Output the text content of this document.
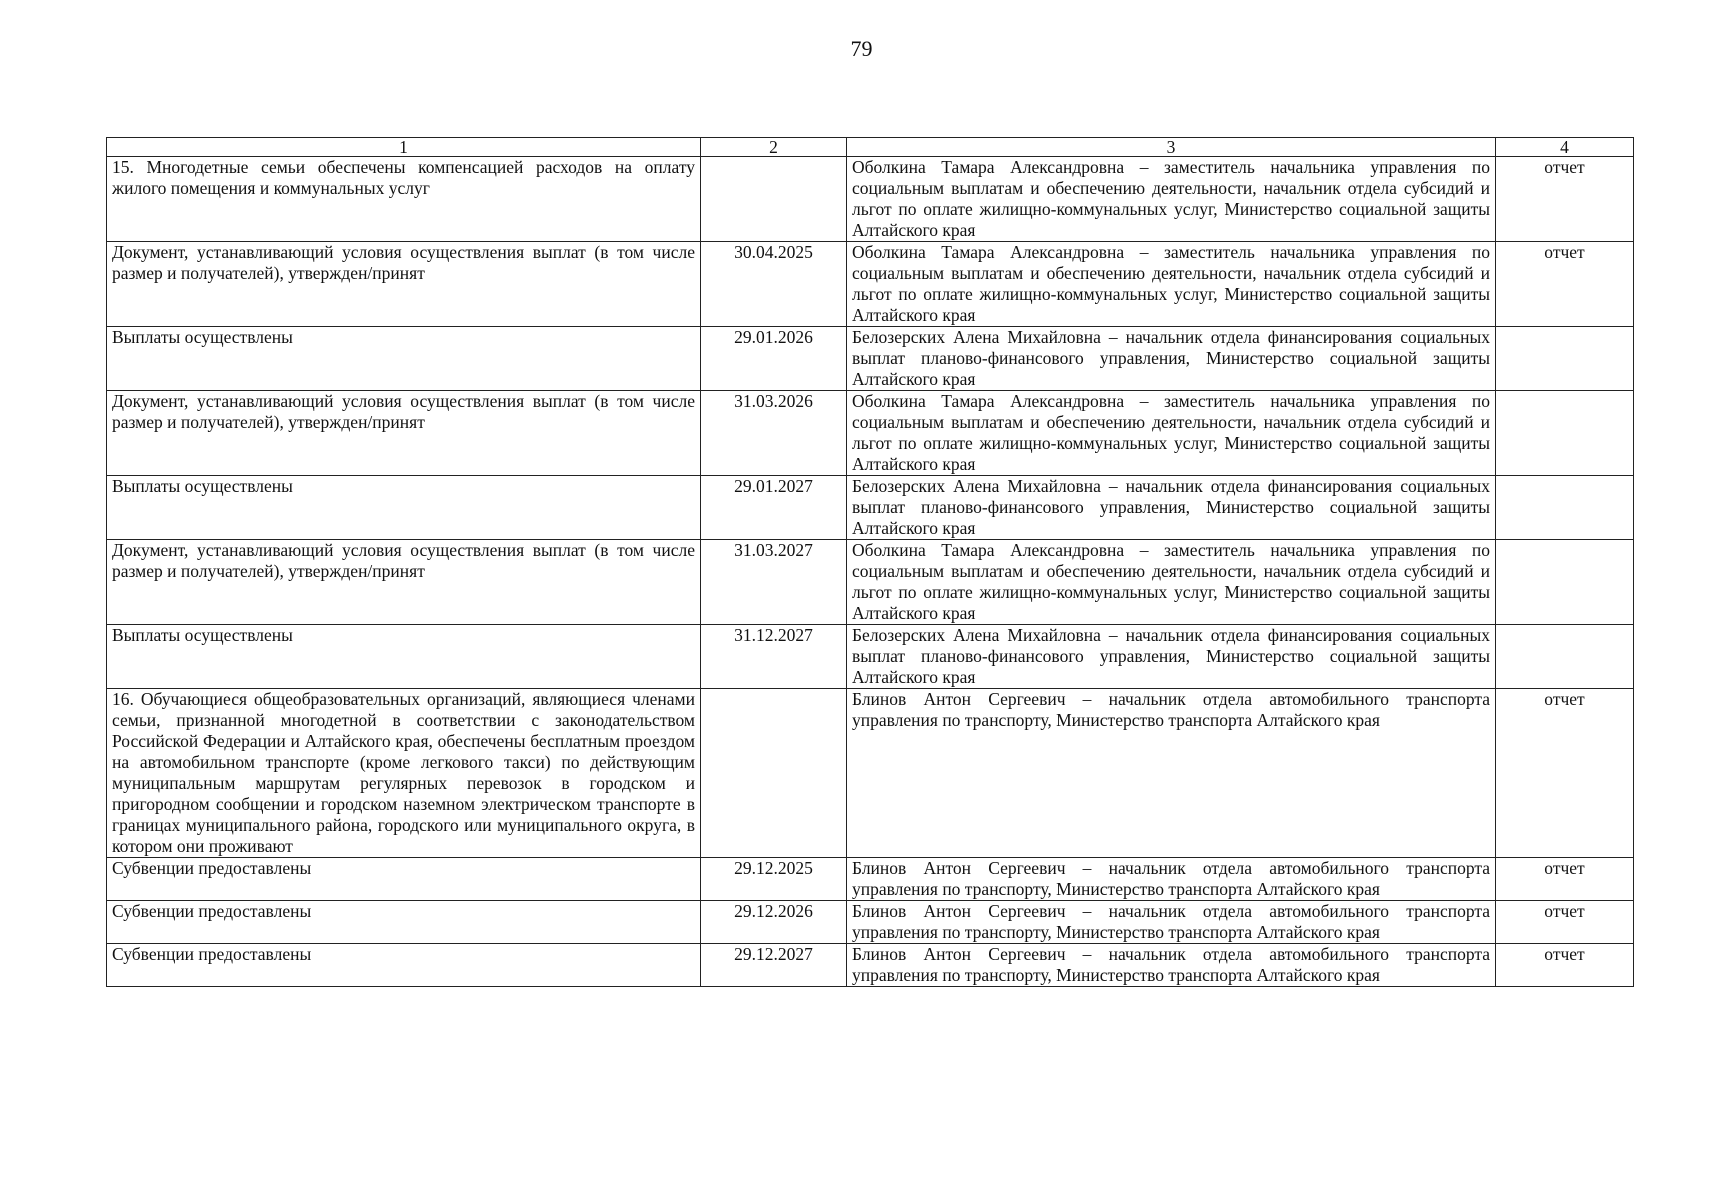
79
1	2	3	4
15. Многодетные семьи обеспечены компенсацией расходов на оплату жилого помещения и коммунальных услуг		Оболкина Тамара Александровна – заместитель начальника управления по социальным выплатам и обеспечению деятельности, начальник отдела субсидий и льгот по оплате жилищно-коммунальных услуг, Министерство социальной защиты Алтайского края	отчет
Документ, устанавливающий условия осуществления выплат (в том числе размер и получателей), утвержден/принят	30.04.2025	Оболкина Тамара Александровна – заместитель начальника управления по социальным выплатам и обеспечению деятельности, начальник отдела субсидий и льгот по оплате жилищно-коммунальных услуг, Министерство социальной защиты Алтайского края	отчет
Выплаты осуществлены	29.01.2026	Белозерских Алена Михайловна – начальник отдела финансирования социальных выплат планово-финансового управления, Министерство социальной защиты Алтайского края	
Документ, устанавливающий условия осуществления выплат (в том числе размер и получателей), утвержден/принят	31.03.2026	Оболкина Тамара Александровна – заместитель начальника управления по социальным выплатам и обеспечению деятельности, начальник отдела субсидий и льгот по оплате жилищно-коммунальных услуг, Министерство социальной защиты Алтайского края	
Выплаты осуществлены	29.01.2027	Белозерских Алена Михайловна – начальник отдела финансирования социальных выплат планово-финансового управления, Министерство социальной защиты Алтайского края	
Документ, устанавливающий условия осуществления выплат (в том числе размер и получателей), утвержден/принят	31.03.2027	Оболкина Тамара Александровна – заместитель начальника управления по социальным выплатам и обеспечению деятельности, начальник отдела субсидий и льгот по оплате жилищно-коммунальных услуг, Министерство социальной защиты Алтайского края	
Выплаты осуществлены	31.12.2027	Белозерских Алена Михайловна – начальник отдела финансирования социальных выплат планово-финансового управления, Министерство социальной защиты Алтайского края	
16. Обучающиеся общеобразовательных организаций, являющиеся членами семьи, признанной многодетной в соответствии с законодательством Российской Федерации и Алтайского края, обеспечены бесплатным проездом на автомобильном транспорте (кроме легкового такси) по действующим муниципальным маршрутам регулярных перевозок в городском и пригородном сообщении и городском наземном электрическом транспорте в границах муниципального района, городского или муниципального округа, в котором они проживают		Блинов Антон Сергеевич – начальник отдела автомобильного транспорта управления по транспорту, Министерство транспорта Алтайского края	отчет
Субвенции предоставлены	29.12.2025	Блинов Антон Сергеевич – начальник отдела автомобильного транспорта управления по транспорту, Министерство транспорта Алтайского края	отчет
Субвенции предоставлены	29.12.2026	Блинов Антон Сергеевич – начальник отдела автомобильного транспорта управления по транспорту, Министерство транспорта Алтайского края	отчет
Субвенции предоставлены	29.12.2027	Блинов Антон Сергеевич – начальник отдела автомобильного транспорта управления по транспорту, Министерство транспорта Алтайского края	отчет
